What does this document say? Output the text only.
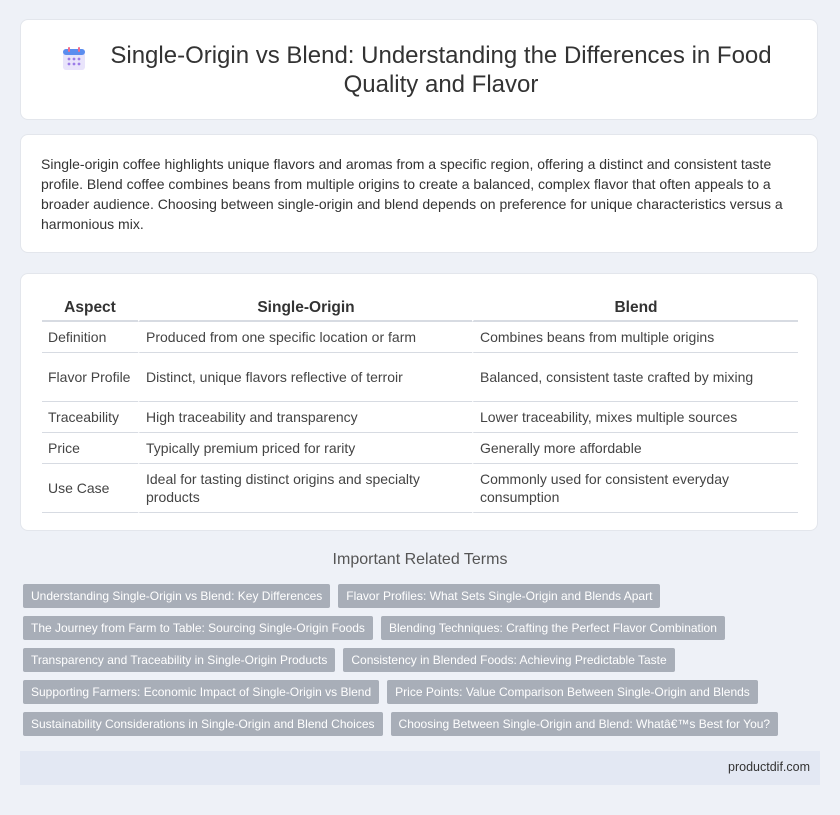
Single-Origin vs Blend: Understanding the Differences in Food Quality and Flavor

Single-origin coffee highlights unique flavors and aromas from a specific region, offering a distinct and consistent taste profile. Blend coffee combines beans from multiple origins to create a balanced, complex flavor that often appeals to a broader audience. Choosing between single-origin and blend depends on preference for unique characteristics versus a harmonious mix.

Aspect	Single-Origin	Blend
Definition	Produced from one specific location or farm	Combines beans from multiple origins
Flavor Profile	Distinct, unique flavors reflective of terroir	Balanced, consistent taste crafted by mixing
Traceability	High traceability and transparency	Lower traceability, mixes multiple sources
Price	Typically premium priced for rarity	Generally more affordable
Use Case	Ideal for tasting distinct origins and specialty products	Commonly used for consistent everyday consumption
Important Related Terms
Understanding Single-Origin vs Blend: Key Differences	Flavor Profiles: What Sets Single-Origin and Blends Apart
The Journey from Farm to Table: Sourcing Single-Origin Foods	Blending Techniques: Crafting the Perfect Flavor Combination
Transparency and Traceability in Single-Origin Products	Consistency in Blended Foods: Achieving Predictable Taste
Supporting Farmers: Economic Impact of Single-Origin vs Blend	Price Points: Value Comparison Between Single-Origin and Blends
Sustainability Considerations in Single-Origin and Blend Choices	Choosing Between Single-Origin and Blend: Whatâ€™s Best for You?
productdif.com
